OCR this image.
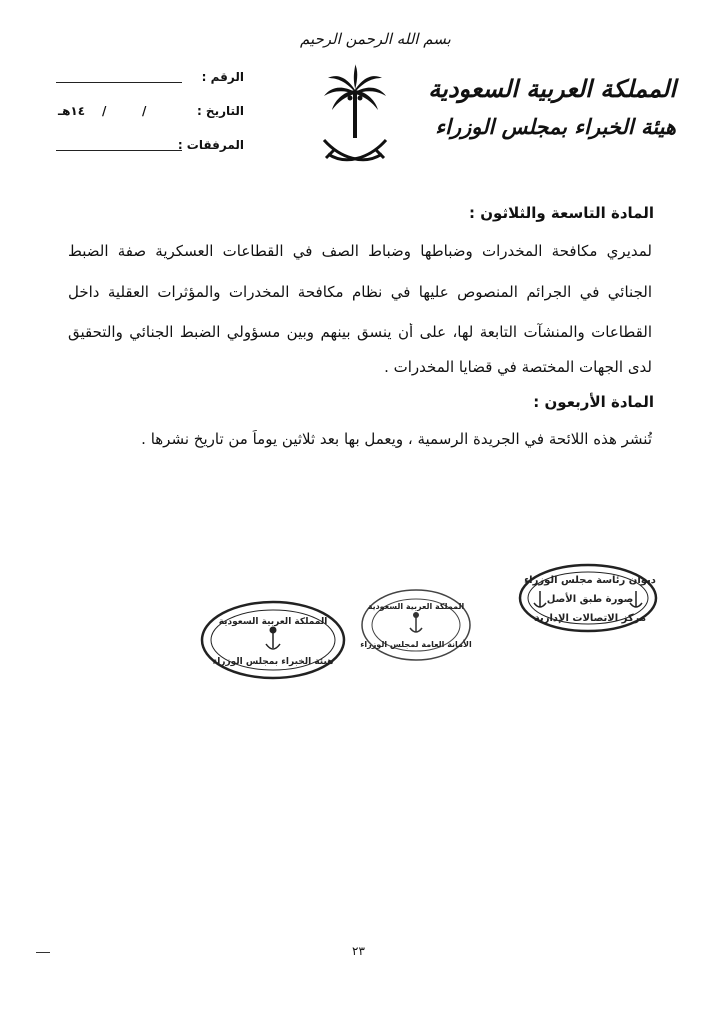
بسم الله الرحمن الرحيم
المملكة العربية السعودية
هيئة الخبراء بمجلس الوزراء
الرقم :
التاريخ :
١٤هـ /	/
المرفقات :
المادة التاسعة والثلاثون :
لمديري مكافحة المخدرات وضباطها وضباط الصف في القطاعات العسكرية صفة الضبط
الجنائي في الجرائم المنصوص عليها في نظام مكافحة المخدرات والمؤثرات العقلية داخل
القطاعات والمنشآت التابعة لها، على أن ينسق بينهم وبين مسؤولي الضبط الجنائي والتحقيق
لدى الجهات المختصة في قضايا المخدرات .
المادة الأربعون :
تُنشر هذه اللائحة في الجريدة الرسمية ، ويعمل بها بعد ثلاثين يوماً من تاريخ نشرها .
ديوان رئاسة مجلس الوزراء
صورة طبق الأصل
مركز الاتصالات الإدارية
المملكة العربية السعودية
الأمانة العامة لمجلس الوزراء
المملكة العربية السعودية
هيئة الخبراء بمجلس الوزراء
٢٣
